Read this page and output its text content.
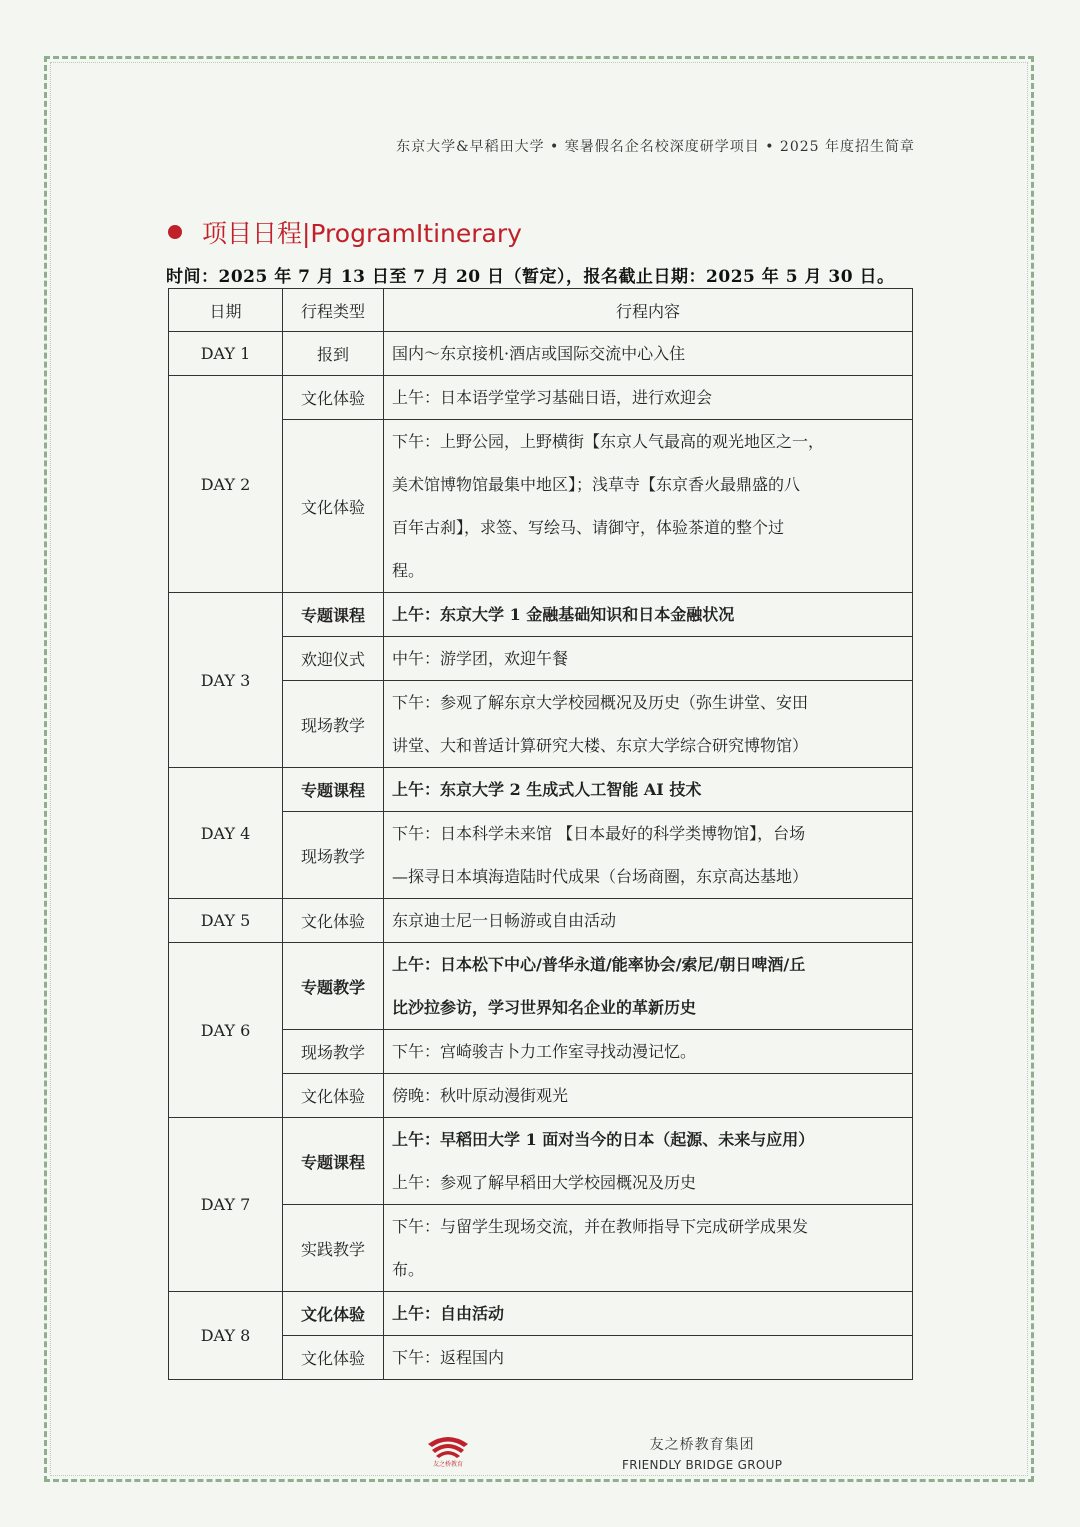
东京大学&早稻田大学 • 寒暑假名企名校深度研学项目 • 2025 年度招生简章
项目日程|ProgramItinerary
时间：2025 年 7 月 13 日至 7 月 20 日（暂定），报名截止日期：2025 年 5 月 30 日。
日期	行程类型	行程内容
DAY 1	报到	国内～东京接机·酒店或国际交流中心入住

DAY 2	文化体验	上午：日本语学堂学习基础日语，进行欢迎会

	文化体验	下午：上野公园，上野横街【东京人气最高的观光地区之一，
美术馆博物馆最集中地区】；浅草寺【东京香火最鼎盛的八
百年古刹】，求签、写绘马、请御守，体验茶道的整个过
程。

DAY 3	专题课程	上午：东京大学 1 金融基础知识和日本金融状况

	欢迎仪式	中午：游学团，欢迎午餐

	现场教学	下午：参观了解东京大学校园概况及历史（弥生讲堂、安田
讲堂、大和普适计算研究大楼、东京大学综合研究博物馆）

DAY 4	专题课程	上午：东京大学 2 生成式人工智能 AI 技术

	现场教学	下午：日本科学未来馆 【日本最好的科学类博物馆】，台场
—探寻日本填海造陆时代成果（台场商圈，东京高达基地）

DAY 5	文化体验	东京迪士尼一日畅游或自由活动

DAY 6	专题教学	上午：日本松下中心/普华永道/能率协会/索尼/朝日啤酒/丘
比沙拉参访，学习世界知名企业的革新历史

	现场教学	下午：宫崎骏吉卜力工作室寻找动漫记忆。

	文化体验	傍晚：秋叶原动漫街观光

DAY 7	专题课程	上午：早稻田大学 1 面对当今的日本（起源、未来与应用）
上午：参观了解早稻田大学校园概况及历史

	实践教学	下午：与留学生现场交流，并在教师指导下完成研学成果发
布。

DAY 8	文化体验	上午：自由活动

	文化体验	下午：返程国内
友之桥教育
友之桥教育集团
FRIENDLY BRIDGE GROUP
